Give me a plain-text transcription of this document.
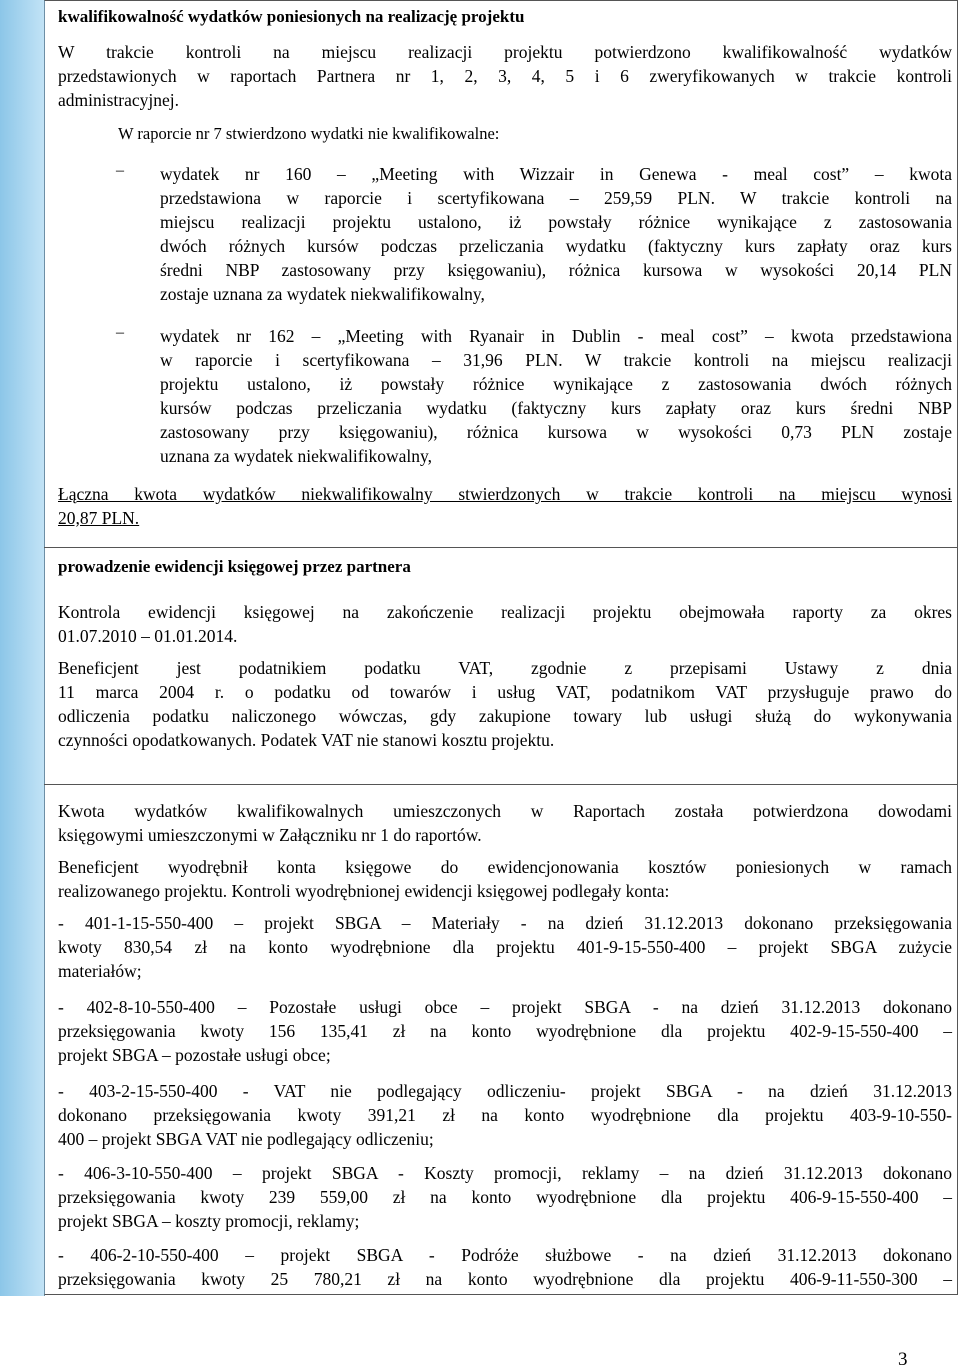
kwalifikowalność wydatków poniesionych na realizację projektu

W trakcie kontroli na miejscu realizacji projektu potwierdzono kwalifikowalność wydatków
przedstawionych w raportach Partnera nr 1, 2, 3, 4, 5 i 6 zweryfikowanych w trakcie kontroli
administracyjnej.

W raporcie nr 7 stwierdzono wydatki nie kwalifikowalne:

– wydatek nr 160 – „Meeting with Wizzair in Genewa - meal cost” – kwota
przedstawiona w raporcie i scertyfikowana – 259,59 PLN. W trakcie kontroli na
miejscu realizacji projektu ustalono, iż powstały różnice wynikające z zastosowania
dwóch różnych kursów podczas przeliczania wydatku (faktyczny kurs zapłaty oraz kurs
średni NBP zastosowany przy księgowaniu), różnica kursowa w wysokości 20,14 PLN
zostaje uznana za wydatek niekwalifikowalny,

– wydatek nr 162 – „Meeting with Ryanair in Dublin - meal cost” – kwota przedstawiona
w raporcie i scertyfikowana – 31,96 PLN. W trakcie kontroli na miejscu realizacji
projektu ustalono, iż powstały różnice wynikające z zastosowania dwóch różnych
kursów podczas przeliczania wydatku (faktyczny kurs zapłaty oraz kurs średni NBP
zastosowany przy księgowaniu), różnica kursowa w wysokości 0,73 PLN zostaje
uznana za wydatek niekwalifikowalny,

Łączna kwota wydatków niekwalifikowalny stwierdzonych w trakcie kontroli na miejscu wynosi
20,87 PLN.

prowadzenie ewidencji księgowej przez partnera

Kontrola ewidencji księgowej na zakończenie realizacji projektu obejmowała raporty za okres
01.07.2010 – 01.01.2014.

Beneficjent jest podatnikiem podatku VAT, zgodnie z przepisami Ustawy z dnia
11 marca 2004 r. o podatku od towarów i usług VAT, podatnikom VAT przysługuje prawo do
odliczenia podatku naliczonego wówczas, gdy zakupione towary lub usługi służą do wykonywania
czynności opodatkowanych. Podatek VAT nie stanowi kosztu projektu.

Kwota wydatków kwalifikowalnych umieszczonych w Raportach została potwierdzona dowodami
księgowymi umieszczonymi w Załączniku nr 1 do raportów.

Beneficjent wyodrębnił konta księgowe do ewidencjonowania kosztów poniesionych w ramach
realizowanego projektu. Kontroli wyodrębnionej ewidencji księgowej podlegały konta:

- 401-1-15-550-400 – projekt SBGA – Materiały - na dzień 31.12.2013 dokonano przeksięgowania
kwoty 830,54 zł na konto wyodrębnione dla projektu 401-9-15-550-400 – projekt SBGA zużycie
materiałów;

- 402-8-10-550-400 – Pozostałe usługi obce – projekt SBGA - na dzień 31.12.2013 dokonano
przeksięgowania kwoty 156 135,41 zł na konto wyodrębnione dla projektu 402-9-15-550-400 –
projekt SBGA – pozostałe usługi obce;

- 403-2-15-550-400 - VAT nie podlegający odliczeniu- projekt SBGA - na dzień 31.12.2013
dokonano przeksięgowania kwoty 391,21 zł na konto wyodrębnione dla projektu 403-9-10-550-
400 – projekt SBGA VAT nie podlegający odliczeniu;

- 406-3-10-550-400 – projekt SBGA - Koszty promocji, reklamy – na dzień 31.12.2013 dokonano
przeksięgowania kwoty 239 559,00 zł na konto wyodrębnione dla projektu 406-9-15-550-400 –
projekt SBGA – koszty promocji, reklamy;

- 406-2-10-550-400 – projekt SBGA - Podróże służbowe - na dzień 31.12.2013 dokonano
przeksięgowania kwoty 25 780,21 zł na konto wyodrębnione dla projektu 406-9-11-550-300 –

3
